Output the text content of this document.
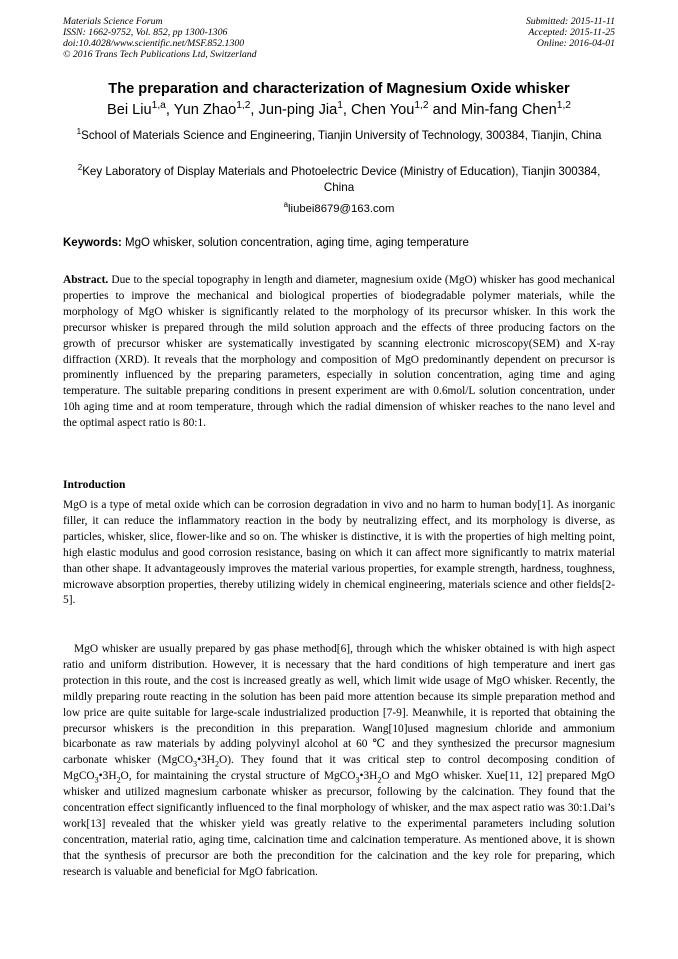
Materials Science Forum
ISSN: 1662-9752, Vol. 852, pp 1300-1306
doi:10.4028/www.scientific.net/MSF.852.1300
© 2016 Trans Tech Publications Ltd, Switzerland
Submitted: 2015-11-11
Accepted: 2015-11-25
Online: 2016-04-01
The preparation and characterization of Magnesium Oxide whisker
Bei Liu$^{1,a}$, Yun Zhao$^{1,2}$, Jun-ping Jia$^1$, Chen You$^{1,2}$ and Min-fang Chen$^{1,2}$
$^1$School of Materials Science and Engineering, Tianjin University of Technology, 300384, Tianjin, China
$^2$Key Laboratory of Display Materials and Photoelectric Device (Ministry of Education), Tianjin 300384, China
$^a$liubei8679@163.com
Keywords: MgO whisker, solution concentration, aging time, aging temperature
Abstract. Due to the special topography in length and diameter, magnesium oxide (MgO) whisker has good mechanical properties to improve the mechanical and biological properties of biodegradable polymer materials, while the morphology of MgO whisker is significantly related to the morphology of its precursor whisker. In this work the precursor whisker is prepared through the mild solution approach and the effects of three producing factors on the growth of precursor whisker are systematically investigated by scanning electronic microscopy(SEM) and X-ray diffraction (XRD). It reveals that the morphology and composition of MgO predominantly dependent on precursor is prominently influenced by the preparing parameters, especially in solution concentration, aging time and aging temperature. The suitable preparing conditions in present experiment are with 0.6mol/L solution concentration, under 10h aging time and at room temperature, through which the radial dimension of whisker reaches to the nano level and the optimal aspect ratio is 80:1.
Introduction
MgO is a type of metal oxide which can be corrosion degradation in vivo and no harm to human body[1]. As inorganic filler, it can reduce the inflammatory reaction in the body by neutralizing effect, and its morphology is diverse, as particles, whisker, slice, flower-like and so on. The whisker is distinctive, it is with the properties of high melting point, high elastic modulus and good corrosion resistance, basing on which it can affect more significantly to matrix material than other shape. It advantageously improves the material various properties, for example strength, hardness, toughness, microwave absorption properties, thereby utilizing widely in chemical engineering, materials science and other fields[2-5].
MgO whisker are usually prepared by gas phase method[6], through which the whisker obtained is with high aspect ratio and uniform distribution. However, it is necessary that the hard conditions of high temperature and inert gas protection in this route, and the cost is increased greatly as well, which limit wide usage of MgO whisker. Recently, the mildly preparing route reacting in the solution has been paid more attention because its simple preparation method and low price are quite suitable for large-scale industrialized production [7-9]. Meanwhile, it is reported that obtaining the precursor whiskers is the precondition in this preparation. Wang[10]used magnesium chloride and ammonium bicarbonate as raw materials by adding polyvinyl alcohol at 60 ℃ and they synthesized the precursor magnesium carbonate whisker $(MgCO_3•3H_2O)$. They found that it was critical step to control decomposing condition of $MgCO_3•3H_2O$, for maintaining the crystal structure of $MgCO_3•3H_2O$ and MgO whisker. Xue[11, 12] prepared MgO whisker and utilized magnesium carbonate whisker as precursor, following by the calcination. They found that the concentration effect significantly influenced to the final morphology of whisker, and the max aspect ratio was 30:1.Dai’s work[13] revealed that the whisker yield was greatly relative to the experimental parameters including solution concentration, material ratio, aging time, calcination time and calcination temperature. As mentioned above, it is shown that the synthesis of precursor are both the precondition for the calcination and the key role for preparing, which research is valuable and beneficial for MgO fabrication.
